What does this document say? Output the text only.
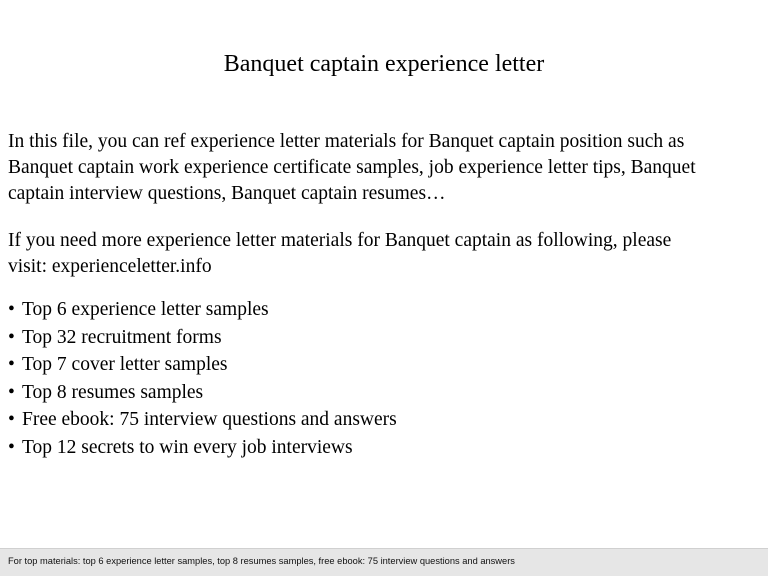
Banquet captain experience letter
In this file, you can ref experience letter materials for Banquet captain position such as
Banquet captain work experience certificate samples, job experience letter tips, Banquet
captain interview questions, Banquet captain resumes…
If you need more experience letter materials for Banquet captain as following, please
visit: experienceletter.info
• Top 6 experience letter samples
• Top 32 recruitment forms
• Top 7 cover letter samples
• Top 8 resumes samples
• Free ebook: 75 interview questions and answers
• Top 12 secrets to win every job interviews
For top materials: top 6 experience letter samples, top 8 resumes samples, free ebook: 75 interview questions and answers
